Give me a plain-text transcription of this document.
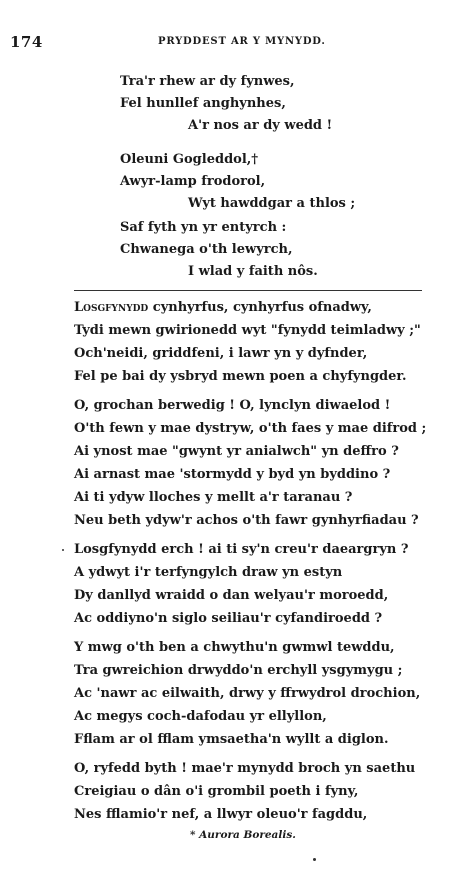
174	PRYDDEST AR Y MYNYDD.
Tra'r rhew ar dy fynwes,
Fel hunllef anghynhes,
A'r nos ar dy wedd !
Oleuni Gogleddol,†
Awyr-lamp frodorol,
Wyt hawddgar a thlos ;
Saf fyth yn yr entyrch :
Chwanega o'th lewyrch,
I wlad y faith nôs.
Losgfynydd cynhyrfus, cynhyrfus ofnadwy,
Tydi mewn gwirionedd wyt "fynydd teimladwy ;"
Och'neidi, griddfeni, i lawr yn y dyfnder,
Fel pe bai dy ysbryd mewn poen a chyfyngder.
O, grochan berwedig ! O, lynclyn diwaelod !
O'th fewn y mae dystryw, o'th faes y mae difrod ;
Ai ynost mae "gwynt yr anialwch" yn deffro ?
Ai arnast mae 'stormydd y byd yn byddino ?
Ai ti ydyw lloches y mellt a'r taranau ?
Neu beth ydyw'r achos o'th fawr gynhyrfiadau ?
Losgfynydd erch ! ai ti sy'n creu'r daeargryn ?
A ydwyt i'r terfyngylch draw yn estyn
Dy danllyd wraidd o dan welyau'r moroedd,
Ac oddiyno'n siglo seiliau'r cyfandiroedd ?
Y mwg o'th ben a chwythu'n gwmwl tewddu,
Tra gwreichion drwyddo'n erchyll ysgymygu ;
Ac 'nawr ac eilwaith, drwy y ffrwydrol drochion,
Ac megys coch-dafodau yr ellyllon,
Fflam ar ol fflam ymsaetha'n wyllt a diglon.
O, ryfedd byth ! mae'r mynydd broch yn saethu
Creigiau o dân o'i grombil poeth i fyny,
Nes fflamio'r nef, a llwyr oleuo'r fagddu,
* Aurora Borealis.
